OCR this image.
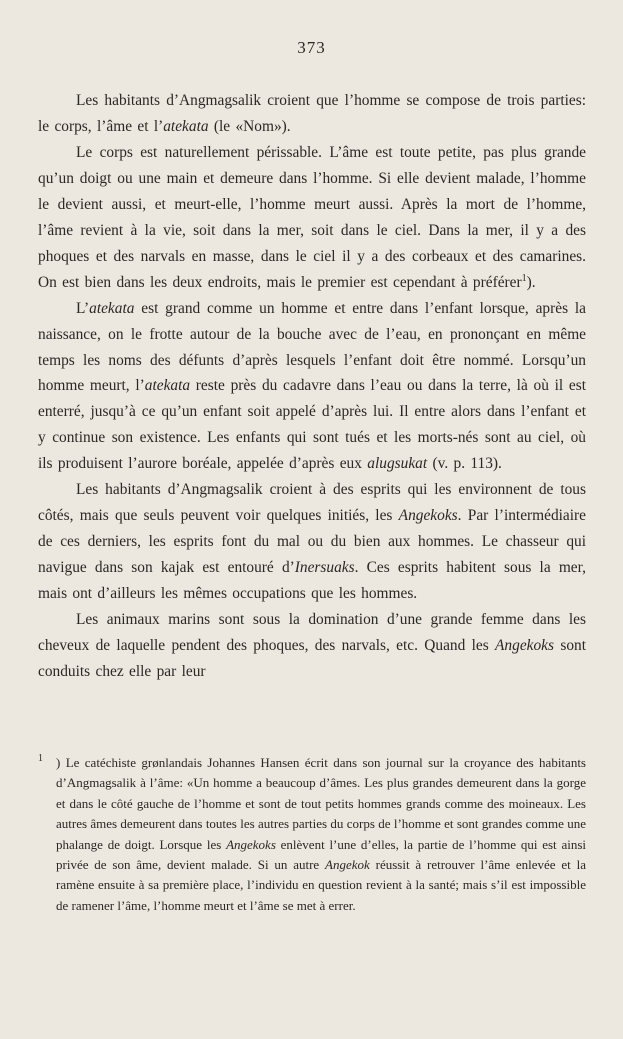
373

Les habitants d’Angmagsalik croient que l’homme se compose de trois parties: le corps, l’âme et l’atekata (le «Nom»).

Le corps est naturellement périssable. L’âme est toute petite, pas plus grande qu’un doigt ou une main et demeure dans l’homme. Si elle devient malade, l’homme le devient aussi, et meurt-elle, l’homme meurt aussi. Après la mort de l’homme, l’âme revient à la vie, soit dans la mer, soit dans le ciel. Dans la mer, il y a des phoques et des narvals en masse, dans le ciel il y a des corbeaux et des camarines. On est bien dans les deux endroits, mais le premier est cependant à préférer$^1$).

L’atekata est grand comme un homme et entre dans l’enfant lorsque, après la naissance, on le frotte autour de la bouche avec de l’eau, en prononçant en même temps les noms des défunts d’après lesquels l’enfant doit être nommé. Lorsqu’un homme meurt, l’atekata reste près du cadavre dans l’eau ou dans la terre, là où il est enterré, jusqu’à ce qu’un enfant soit appelé d’après lui. Il entre alors dans l’enfant et y continue son existence. Les enfants qui sont tués et les morts-nés sont au ciel, où ils produisent l’aurore boréale, appelée d’après eux alugsukat (v. p. 113).

Les habitants d’Angmagsalik croient à des esprits qui les environnent de tous côtés, mais que seuls peuvent voir quelques initiés, les Angekoks. Par l’intermédiaire de ces derniers, les esprits font du mal ou du bien aux hommes. Le chasseur qui navigue dans son kajak est entouré d’Inersuaks. Ces esprits habitent sous la mer, mais ont d’ailleurs les mêmes occupations que les hommes.

Les animaux marins sont sous la domination d’une grande femme dans les cheveux de laquelle pendent des phoques, des narvals, etc. Quand les Angekoks sont conduits chez elle par leur

1 ) Le catéchiste grønlandais Johannes Hansen écrit dans son journal sur la croyance des habitants d’Angmagsalik à l’âme: «Un homme a beaucoup d’âmes. Les plus grandes demeurent dans la gorge et dans le côté gauche de l’homme et sont de tout petits hommes grands comme des moineaux. Les autres âmes demeurent dans toutes les autres parties du corps de l’homme et sont grandes comme une phalange de doigt. Lorsque les Angekoks enlèvent l’une d’elles, la partie de l’homme qui est ainsi privée de son âme, devient malade. Si un autre Angekok réussit à retrouver l’âme enlevée et la ramène ensuite à sa première place, l’individu en question revient à la santé; mais s’il est impossible de ramener l’âme, l’homme meurt et l’âme se met à errer.
